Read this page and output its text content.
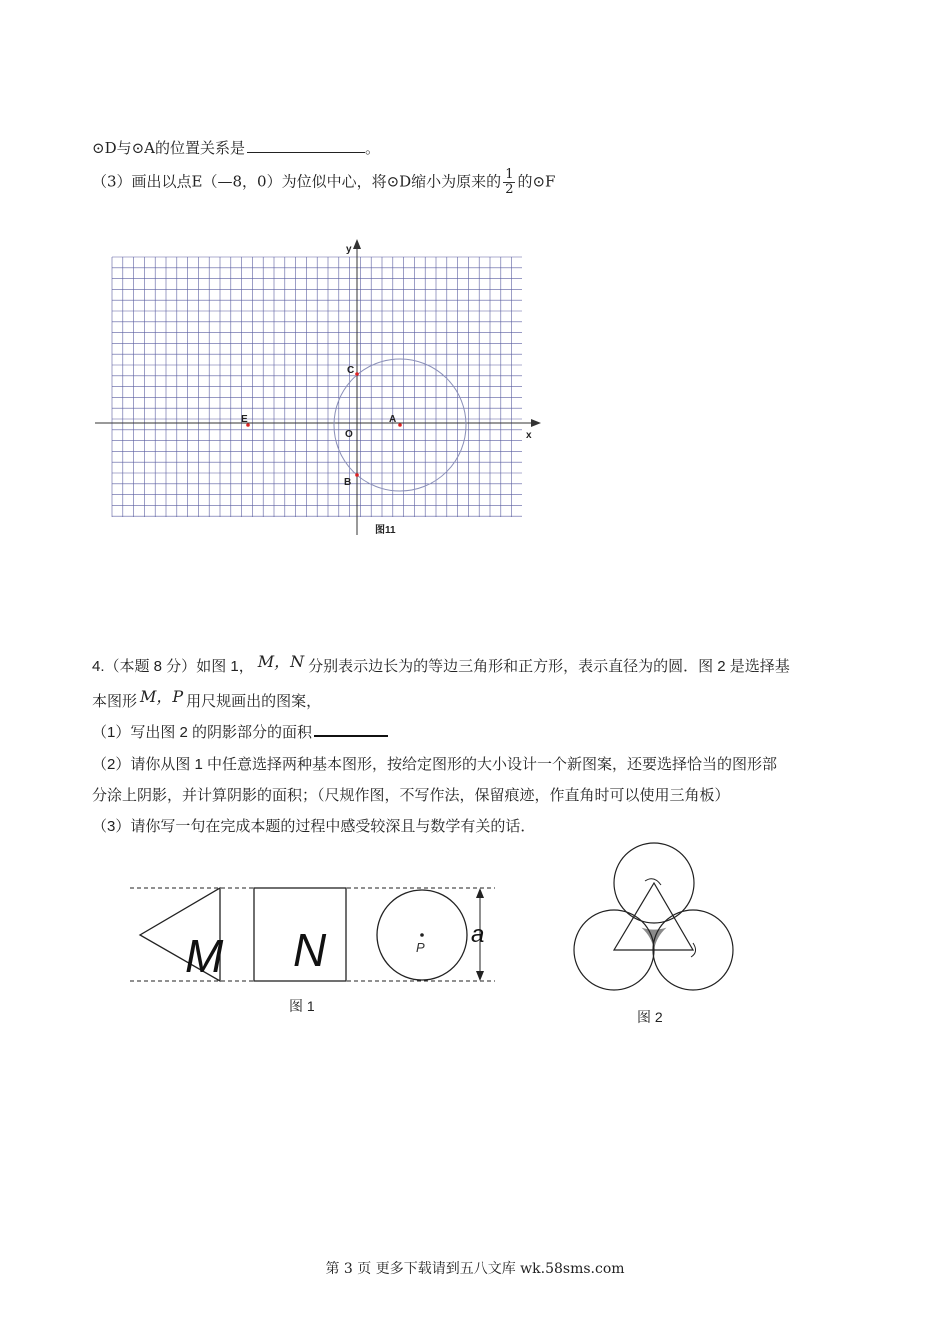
⊙D与⊙A的位置关系是	。
（3）画出以点E（—8，0）为位似中心，将⊙D缩小为原来的 $\frac{1}{2}$ 的⊙F
y
x
C
E	A
O
B
图11
4.（本题 8 分）如图 1， M，N 分别表示边长为的等边三角形和正方形，表示直径为的圆．图 2 是选择基
本图形 M，P 用尺规画出的图案，
（1）写出图 2 的阴影部分的面积
（2）请你从图 1 中任意选择两种基本图形，按给定图形的大小设计一个新图案，还要选择恰当的图形部
分涂上阴影，并计算阴影的面积；（尺规作图，不写作法，保留痕迹，作直角时可以使用三角板）
（3）请你写一句在完成本题的过程中感受较深且与数学有关的话．
M N	P a
图 1
图 2
第 3 页 更多下载请到五八文库 wk.58sms.com
